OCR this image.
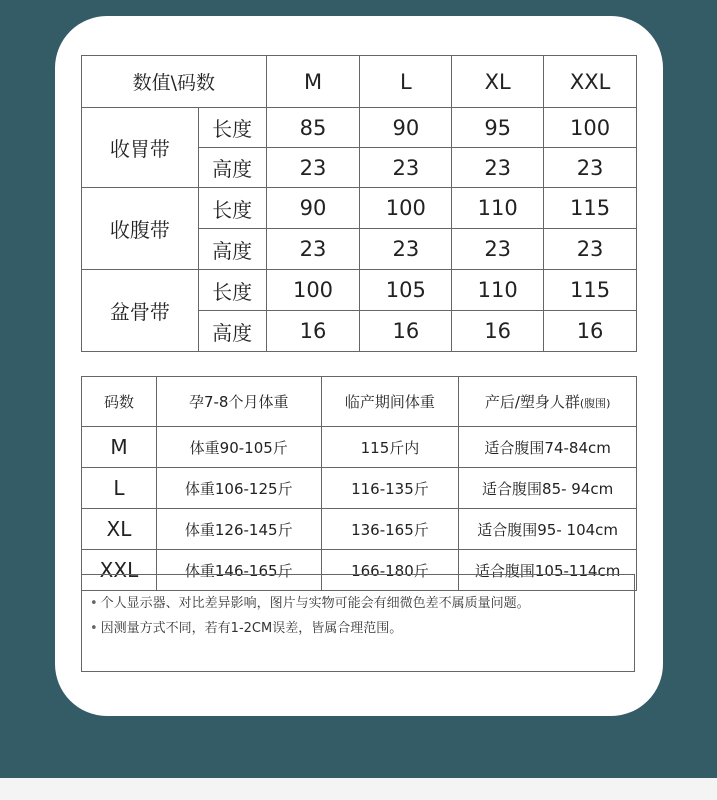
数值\码数		M	L	XL	XXL
收胃带	长度	85	90	95	100
	高度	23	23	23	23
收腹带	长度	90	100	110	115
	高度	23	23	23	23
盆骨带	长度	100	105	110	115
	高度	16	16	16	16
码数	孕7-8个月体重	临产期间体重	产后/塑身人群(腹围)
M	体重90-105斤	115斤内	适合腹围74-84cm
L	体重106-125斤	116-135斤	适合腹围85- 94cm
XL	体重126-145斤	136-165斤	适合腹围95- 104cm
XXL	体重146-165斤	166-180斤	适合腹围105-114cm
• 个人显示器、对比差异影响，图片与实物可能会有细微色差不属质量问题。
• 因测量方式不同，若有1-2CM误差，皆属合理范围。
